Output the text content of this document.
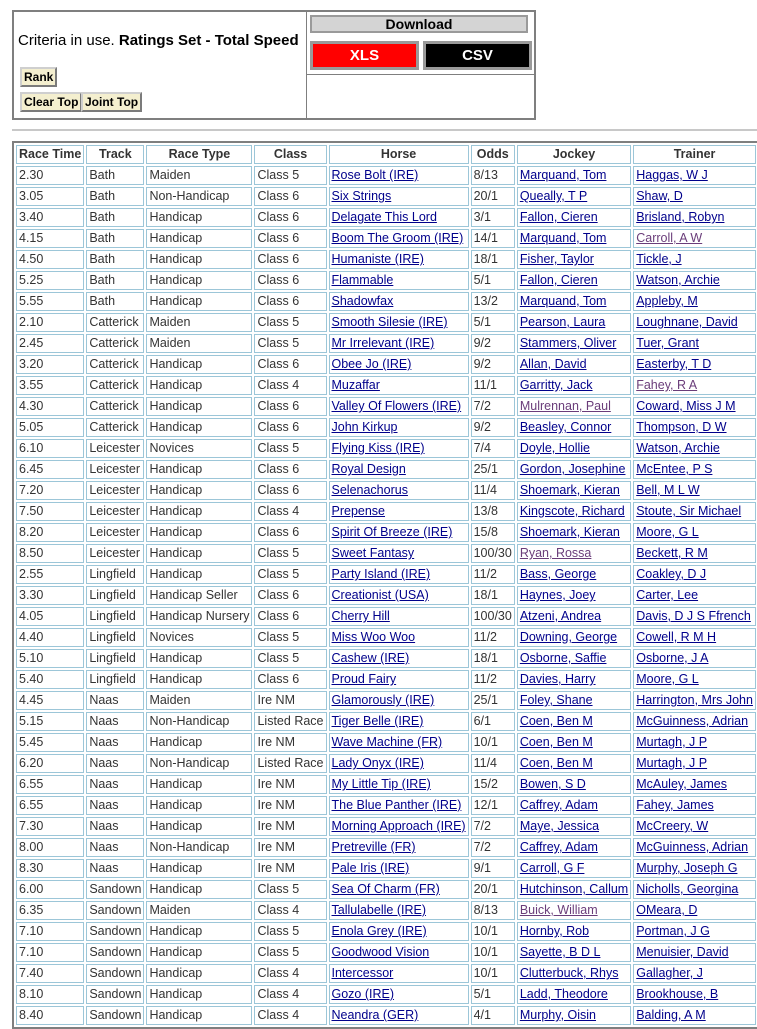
Criteria in use. Ratings Set - Total Speed
Rank
Clear Top Joint Top
Download
XLS	CSV
Race Time	Track	Race Type	Class	Horse	Odds	Jockey	Trainer
2.30	Bath	Maiden	Class 5	Rose Bolt (IRE)	8/13	Marquand, Tom	Haggas, W J
3.05	Bath	Non-Handicap	Class 6	Six Strings	20/1	Queally, T P	Shaw, D
3.40	Bath	Handicap	Class 6	Delagate This Lord	3/1	Fallon, Cieren	Brisland, Robyn
4.15	Bath	Handicap	Class 6	Boom The Groom (IRE)	14/1	Marquand, Tom	Carroll, A W
4.50	Bath	Handicap	Class 6	Humaniste (IRE)	18/1	Fisher, Taylor	Tickle, J
5.25	Bath	Handicap	Class 6	Flammable	5/1	Fallon, Cieren	Watson, Archie
5.55	Bath	Handicap	Class 6	Shadowfax	13/2	Marquand, Tom	Appleby, M
2.10	Catterick	Maiden	Class 5	Smooth Silesie (IRE)	5/1	Pearson, Laura	Loughnane, David
2.45	Catterick	Maiden	Class 5	Mr Irrelevant (IRE)	9/2	Stammers, Oliver	Tuer, Grant
3.20	Catterick	Handicap	Class 6	Obee Jo (IRE)	9/2	Allan, David	Easterby, T D
3.55	Catterick	Handicap	Class 4	Muzaffar	11/1	Garritty, Jack	Fahey, R A
4.30	Catterick	Handicap	Class 6	Valley Of Flowers (IRE)	7/2	Mulrennan, Paul	Coward, Miss J M
5.05	Catterick	Handicap	Class 6	John Kirkup	9/2	Beasley, Connor	Thompson, D W
6.10	Leicester	Novices	Class 5	Flying Kiss (IRE)	7/4	Doyle, Hollie	Watson, Archie
6.45	Leicester	Handicap	Class 6	Royal Design	25/1	Gordon, Josephine	McEntee, P S
7.20	Leicester	Handicap	Class 6	Selenachorus	11/4	Shoemark, Kieran	Bell, M L W
7.50	Leicester	Handicap	Class 4	Prepense	13/8	Kingscote, Richard	Stoute, Sir Michael
8.20	Leicester	Handicap	Class 6	Spirit Of Breeze (IRE)	15/8	Shoemark, Kieran	Moore, G L
8.50	Leicester	Handicap	Class 5	Sweet Fantasy	100/30	Ryan, Rossa	Beckett, R M
2.55	Lingfield	Handicap	Class 5	Party Island (IRE)	11/2	Bass, George	Coakley, D J
3.30	Lingfield	Handicap Seller	Class 6	Creationist (USA)	18/1	Haynes, Joey	Carter, Lee
4.05	Lingfield	Handicap Nursery	Class 6	Cherry Hill	100/30	Atzeni, Andrea	Davis, D J S Ffrench
4.40	Lingfield	Novices	Class 5	Miss Woo Woo	11/2	Downing, George	Cowell, R M H
5.10	Lingfield	Handicap	Class 5	Cashew (IRE)	18/1	Osborne, Saffie	Osborne, J A
5.40	Lingfield	Handicap	Class 6	Proud Fairy	11/2	Davies, Harry	Moore, G L
4.45	Naas	Maiden	Ire NM	Glamorously (IRE)	25/1	Foley, Shane	Harrington, Mrs John
5.15	Naas	Non-Handicap	Listed Race	Tiger Belle (IRE)	6/1	Coen, Ben M	McGuinness, Adrian
5.45	Naas	Handicap	Ire NM	Wave Machine (FR)	10/1	Coen, Ben M	Murtagh, J P
6.20	Naas	Non-Handicap	Listed Race	Lady Onyx (IRE)	11/4	Coen, Ben M	Murtagh, J P
6.55	Naas	Handicap	Ire NM	My Little Tip (IRE)	15/2	Bowen, S D	McAuley, James
6.55	Naas	Handicap	Ire NM	The Blue Panther (IRE)	12/1	Caffrey, Adam	Fahey, James
7.30	Naas	Handicap	Ire NM	Morning Approach (IRE)	7/2	Maye, Jessica	McCreery, W
8.00	Naas	Non-Handicap	Ire NM	Pretreville (FR)	7/2	Caffrey, Adam	McGuinness, Adrian
8.30	Naas	Handicap	Ire NM	Pale Iris (IRE)	9/1	Carroll, G F	Murphy, Joseph G
6.00	Sandown	Handicap	Class 5	Sea Of Charm (FR)	20/1	Hutchinson, Callum	Nicholls, Georgina
6.35	Sandown	Maiden	Class 4	Tallulabelle (IRE)	8/13	Buick, William	OMeara, D
7.10	Sandown	Handicap	Class 5	Enola Grey (IRE)	10/1	Hornby, Rob	Portman, J G
7.10	Sandown	Handicap	Class 5	Goodwood Vision	10/1	Sayette, B D L	Menuisier, David
7.40	Sandown	Handicap	Class 4	Intercessor	10/1	Clutterbuck, Rhys	Gallagher, J
8.10	Sandown	Handicap	Class 4	Gozo (IRE)	5/1	Ladd, Theodore	Brookhouse, B
8.40	Sandown	Handicap	Class 4	Neandra (GER)	4/1	Murphy, Oisin	Balding, A M
